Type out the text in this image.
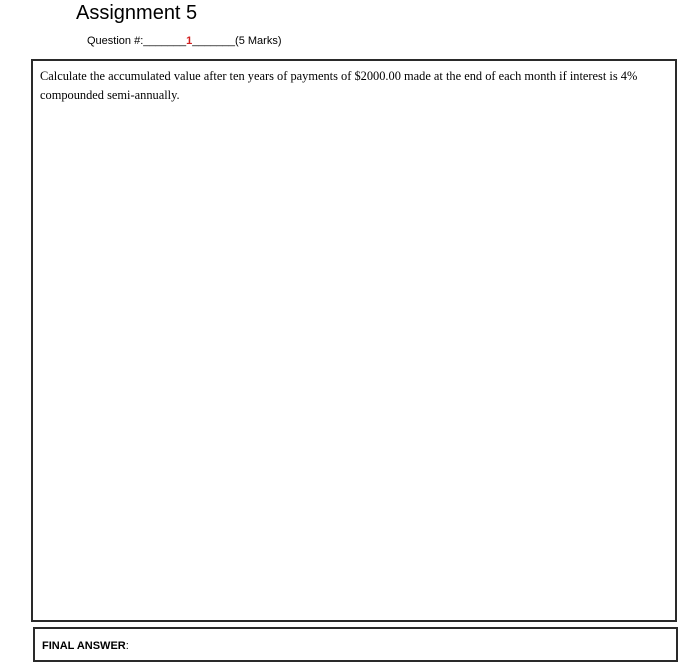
Assignment 5
Question #:_______1_______(5 Marks)

Calculate the accumulated value after ten years of payments of $2000.00 made at the end of each month if interest is 4% compounded semi-annually.

FINAL ANSWER:
